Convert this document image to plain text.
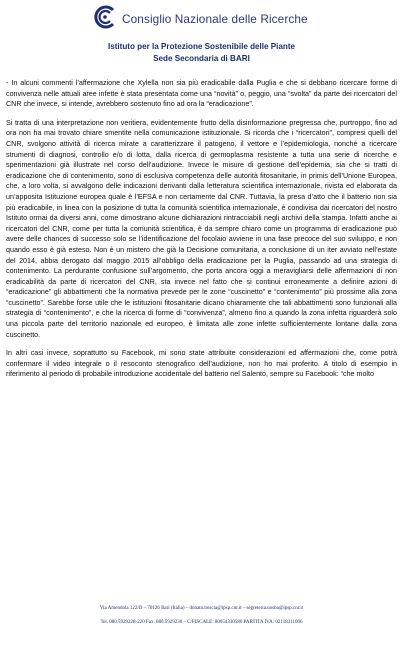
Consiglio Nazionale delle Ricerche
Istituto per la Protezione Sostenibile delle Piante
Sede Secondaria di BARI

- In alcuni commenti l’affermazione che Xylella non sia più eradicabile dalla Puglia e che si debbano ricercare forme di convivenza nelle attuali aree infette è stata presentata come una “novità” o, peggio, una “svolta” da parte dei ricercatori del CNR che invece, si intende, avrebbero sostenuto fino ad ora la “eradicazione”.

Si tratta di una interpretazione non veritiera, evidentemente frutto della disinformazione pregressa che, purtroppo, fino ad ora non ha mai trovato chiare smentite nella comunicazione istituzionale. Si ricorda che i “ricercatori”, compresi quelli del CNR, svolgono attività di ricerca mirate a caratterizzare il patogeno, il vettore e l’epidemiologia, nonché a ricercare strumenti di diagnosi, controllo e/o di lotta, dalla ricerca di germoplasma resistente a tutta una serie di ricerche e sperimentazioni già illustrate nel corso dell’audizione. Invece le misure di gestione dell’epidemia, sia che si tratti di eradicazione che di contenimento, sono di esclusiva competenza delle autorità fitosanitarie, in primis dell’Unione Europea, che, a loro volta, si avvalgono delle indicazioni derivanti dalla letteratura scientifica internazionale, rivista ed elaborata da un’apposita Istituzione europea quale è l’EFSA e non certamente dal CNR. Tuttavia, la presa d’atto che il batterio non sia più eradicabile, in linea con la posizione di tutta la comunità scientifica internazionale, è condivisa dai ricercatori del nostro Istituto ormai da diversi anni, come dimostrano alcune dichiarazioni rintracciabili negli archivi della stampa. Infatti anche ai ricercatori del CNR, come per tutta la comunità scientifica, è da sempre chiaro come un programma di eradicazione può avere delle chances di successo solo se l’identificazione del focolaio avviene in una fase precoce del suo sviluppo, e non quando esso è già esteso. Non è un mistero che già la Decisione comunitaria, a conclusione di un iter avviato nell’estate del 2014, abbia derogato dal maggio 2015 all’obbligo della eradicazione per la Puglia, passando ad una strategia di contenimento. La perdurante confusione sull’argomento, che porta ancora oggi a meravigliarsi delle affermazioni di non eradicabilità da parte di ricercatori del CNR, sta invece nel fatto che si continui erroneamente a definire azioni di “eradicazione” gli abbattimenti che la normativa prevede per le zone “cuscinetto” e “contenimento” più prossime alla zona “cuscinetto”. Sarebbe forse utile che le istituzioni fitosanitarie dicano chiaramente che tali abbattimenti sono funzionali alla strategia di “contenimento”, e che la ricerca di forme di “convivenza”, almeno fino a quando la zona infetta riguarderà solo una piccola parte del territorio nazionale ed europeo, è limitata alle zone infette sufficientemente lontane dalla zona cuscinetto.

In altri casi invece, soprattutto su Facebook, mi sono state attribuite considerazioni ed affermazioni che, come potrà confermare il video integrale o il resoconto stenografico dell’audizione, non ho mai proferito. A titolo di esempio in riferimento al periodo di probabile introduzione accidentale del batterio nel Salento, sempre su Facebook: “che molto

Via Amendola 122/D – 70126 Bari (Italia) – donato.boscia@ipsp.cnr.it – segreteria.uosba@ipsp.cnr.it
Tel. 080.5929228-220 Fax. 080.5929230 – C/FISCALE: 80054330586 PARTITA IVA: 02118311006
